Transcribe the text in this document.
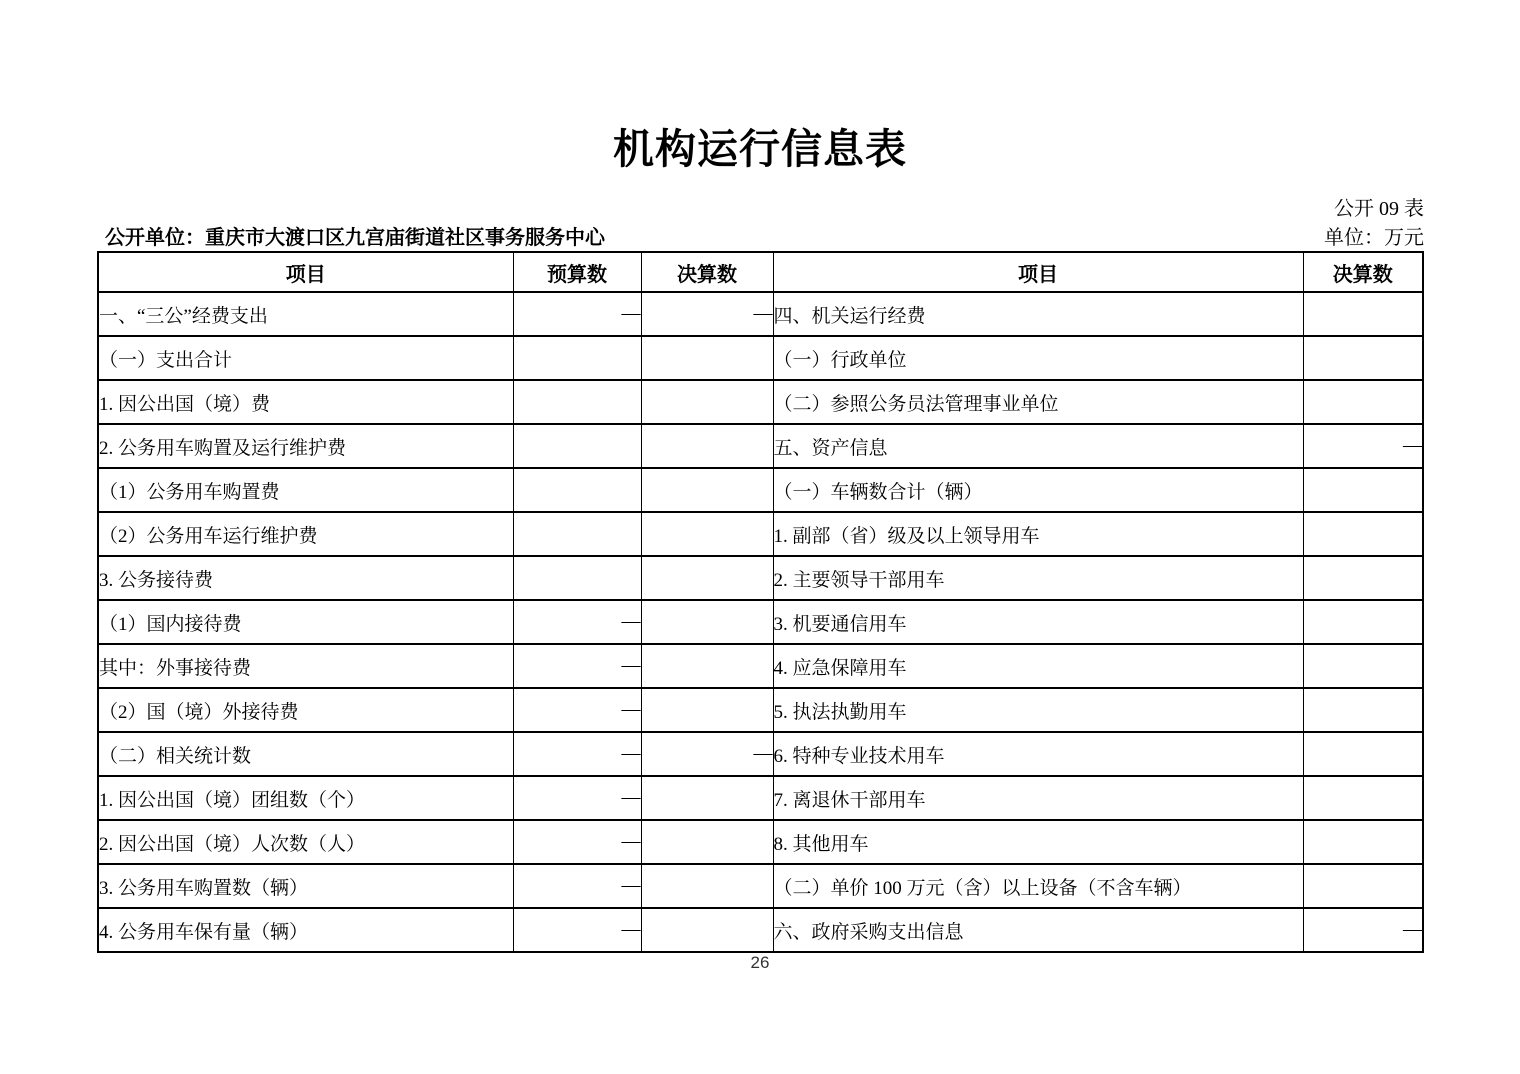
机构运行信息表
公开 09 表
公开单位：重庆市大渡口区九宫庙街道社区事务服务中心	单位：万元
项目	预算数	决算数	项目	决算数
一、“三公”经费支出	—	—	四、机关运行经费	
（一）支出合计			（一）行政单位	
1. 因公出国（境）费			（二）参照公务员法管理事业单位	
2. 公务用车购置及运行维护费			五、资产信息	—
（1）公务用车购置费			（一）车辆数合计（辆）	
（2）公务用车运行维护费			1. 副部（省）级及以上领导用车	
3. 公务接待费			2. 主要领导干部用车	
（1）国内接待费	—		3. 机要通信用车	
其中：外事接待费	—		4. 应急保障用车	
（2）国（境）外接待费	—		5. 执法执勤用车	
（二）相关统计数	—	—	6. 特种专业技术用车	
1. 因公出国（境）团组数（个）	—		7. 离退休干部用车	
2. 因公出国（境）人次数（人）	—		8. 其他用车	
3. 公务用车购置数（辆）	—		（二）单价 100 万元（含）以上设备（不含车辆）	
4. 公务用车保有量（辆）	—		六、政府采购支出信息	—
26
